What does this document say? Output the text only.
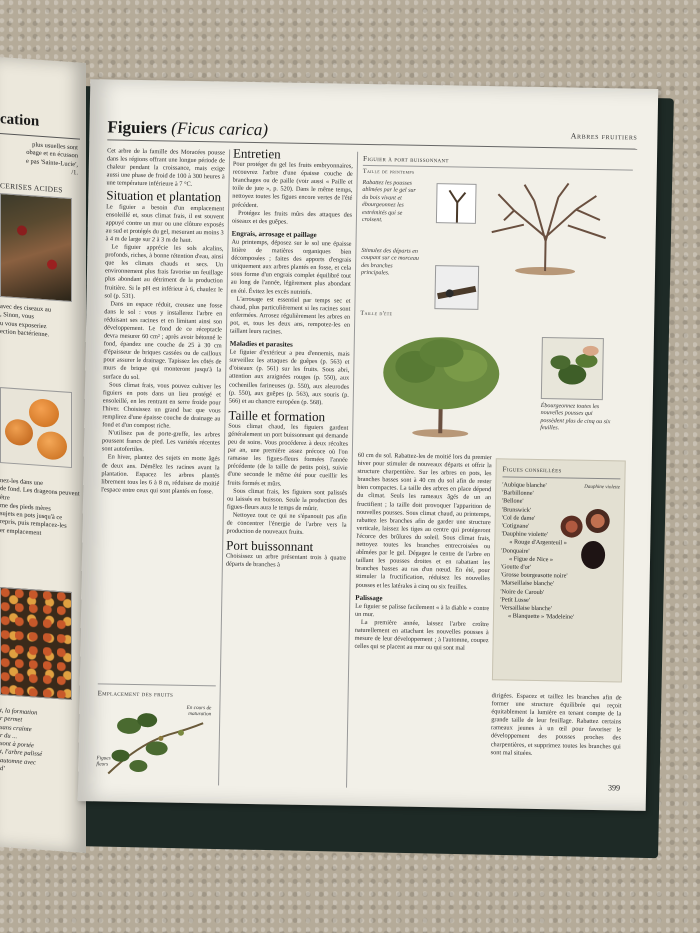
cation
plus usuelles sont
obage et en écusson
e pas 'Sainte-Lucie',
/1.
CERISES ACIDES
avec des ciseaux au
, Sinon, vous
u vous exposeriez
ection bactérienne.
nez-les dans une
de fond. Les drageons peuvent être
me des pieds mères
sujets en pots jusqu'à ce
repris, puis remplacez-les
er emplacement
t, la formation
r permet
sans crainte
r du ...
sont à portée
t, l'arbre palissé
automne avec
d'
Figuiers (Ficus carica)	Arbres fruitiers

Cet arbre de la famille des Moracées pousse dans les régions offrant une longue période de chaleur pendant la croissance, mais exige aussi une phase de froid de 100 à 300 heures à une température inférieure à 7 °C.

Situation et plantation

Le figuier a besoin d'un emplacement ensoleillé et, sous climat frais, il est souvent appuyé contre un mur ou une clôture exposés au sud et protégés du gel, mesurant au moins 3 à 4 m de large sur 2 à 3 m de haut.

Le figuier apprécie les sols alcalins, profonds, riches, à bonne rétention d'eau, ainsi que les climats chauds et secs. Un environnement plus frais favorise un feuillage plus abondant au détriment de la production fruitière. Si le pH est inférieur à 6, chaulez le sol (p. 531).

Dans un espace réduit, creusez une fosse dans le sol : vous y installerez l'arbre en réduisant ses racines et en limitant ainsi son développement. Le fond de ce réceptacle devra mesurer 60 cm² ; après avoir bétonné le fond, épandez une couche de 25 à 30 cm d'épaisseur de briques cassées ou de cailloux pour assurer le drainage. Tapissez les côtés de murs de brique qui monteront jusqu'à la surface du sol.

Sous climat frais, vous pouvez cultiver les figuiers en pots dans un lieu protégé et ensoleillé, en les rentrant en serre froide pour l'hiver. Choisissez un grand bac que vous remplirez d'une épaisse couche de drainage au fond et d'un compost riche.

N'utilisez pas de porte-greffe, les arbres poussent francs de pied. Les variétés récentes sont autofertiles.

En hiver, plantez des sujets en motte âgés de deux ans. Démêlez les racines avant la plantation. Espacez les arbres plantés librement tous les 6 à 8 m, réduisez de moitié l'espace entre ceux qui sont plantés en fosse.

Emplacement des fruits
En cours de maturation
Figues fleurs
Entretien

Pour protéger du gel les fruits embryonnaires, recouvrez l'arbre d'une épaisse couche de branchages ou de paille (voir aussi « Paille et toile de jute », p. 520). Dans le même temps, nettoyez toutes les figues encore vertes de l'été précédent.

Protégez les fruits mûrs des attaques des oiseaux et des guêpes.

Engrais, arrosage et paillage

Au printemps, déposez sur le sol une épaisse litière de matières organiques bien décomposées ; faites des apports d'engrais uniquement aux arbres plantés en fosse, et cela sous forme d'un engrais complet équilibré tout au long de l'année, légèrement plus abondant en été. Évitez les excès nutritifs.

L'arrosage est essentiel par temps sec et chaud, plus particulièrement si les racines sont enfermées. Arrosez régulièrement les arbres en pot, et, tous les deux ans, rempotez-les en taillant leurs racines.

Maladies et parasites

Le figuier d'extérieur a peu d'ennemis, mais surveillez les attaques de guêpes (p. 563) et d'oiseaux (p. 561) sur les fruits. Sous abri, attention aux araignées rouges (p. 550), aux cochenilles farineuses (p. 550), aux aleurodes (p. 550), aux guêpes (p. 563), aux souris (p. 566) et au chancre européen (p. 568).

Taille et formation

Sous climat chaud, les figuiers gardent généralement un port buissonnant qui demande peu de soins. Vous procéderez à deux récoltes par an, une première assez précoce où l'on ramasse les figues-fleurs formées l'année précédente (de la taille de petits pois), suivie d'une seconde le même été pour cueillir les fruits formés et mûrs.

Sous climat frais, les figuiers sont palissés ou laissés en buisson. Seule la production des figues-fleurs aura le temps de mûrir.

Nettoyez tout ce qui ne s'épanouit pas afin de concentrer l'énergie de l'arbre vers la production de nouveaux fruits.

Port buissonnant

Choisissez un arbre présentant trois à quatre départs de branches à

Figuier à port buissonnant
Taille de printemps
Rabattez les pousses abîmées par le gel sur du bois vivant et ébourgeonnez les extrémités qui se croisent.
Stimulez des départs en coupant sur ce morceau des branches principales.
Taille d'été
Ébourgeonnez toutes les nouvelles pousses qui possèdent plus de cinq ou six feuilles.

60 cm du sol. Rabattez-les de moitié lors du premier hiver pour stimuler de nouveaux départs et offrir la structure charpentière. Sur les arbres en pots, les branches basses sont à 40 cm du sol afin de rester bien compactes. La taille des arbres en place dépend du climat. Seuls les rameaux âgés de un an fructifient ; la taille doit provoquer l'apparition de nouvelles pousses. Sous climat chaud, au printemps, rabattez les branches afin de garder une structure verticale, laissez les tiges au centre qui protégeront l'écorce des brûlures du soleil. Sous climat frais, nettoyez toutes les branches entrecroisées ou abîmées par le gel. Dégagez le centre de l'arbre en taillant les pousses droites et en rabattant les branches basses au ras d'un nœud. En été, pour stimuler la fructification, réduisez les nouvelles pousses et les latérales à cinq ou six feuilles.

Palissage

Le figuier se palisse facilement « à la diable » contre un mur.

La première année, laissez l'arbre croître naturellement en attachant les nouvelles pousses à mesure de leur développement ; à l'automne, coupez celles qui se placent au mur ou qui sont mal

Figues conseillées
'Aubique blanche'
'Barbillonne'
'Bellone'
'Brunswick'
'Col de dame'
'Cotignane'
'Dauphine violette'
« Rouge d'Argenteuil »
'Donquaire'
« Figue de Nice »
'Goutte d'or'
'Grosse bourgeasotte noire'
'Marseillaise blanche'
'Noire de Caroub'
'Petit Lusse'
'Versaillaise blanche'
« Blanquette » 'Madeleine'
Dauphine violette

dirigées. Espacez et taillez les branches afin de former une structure équilibrée qui reçoit équitablement la lumière en tenant compte de la grande taille de leur feuillage. Rabattez certains rameaux jeunes à un œil pour favoriser le développement des pousses proches des charpentières, et supprimez toutes les branches qui sont mal situées.

399
